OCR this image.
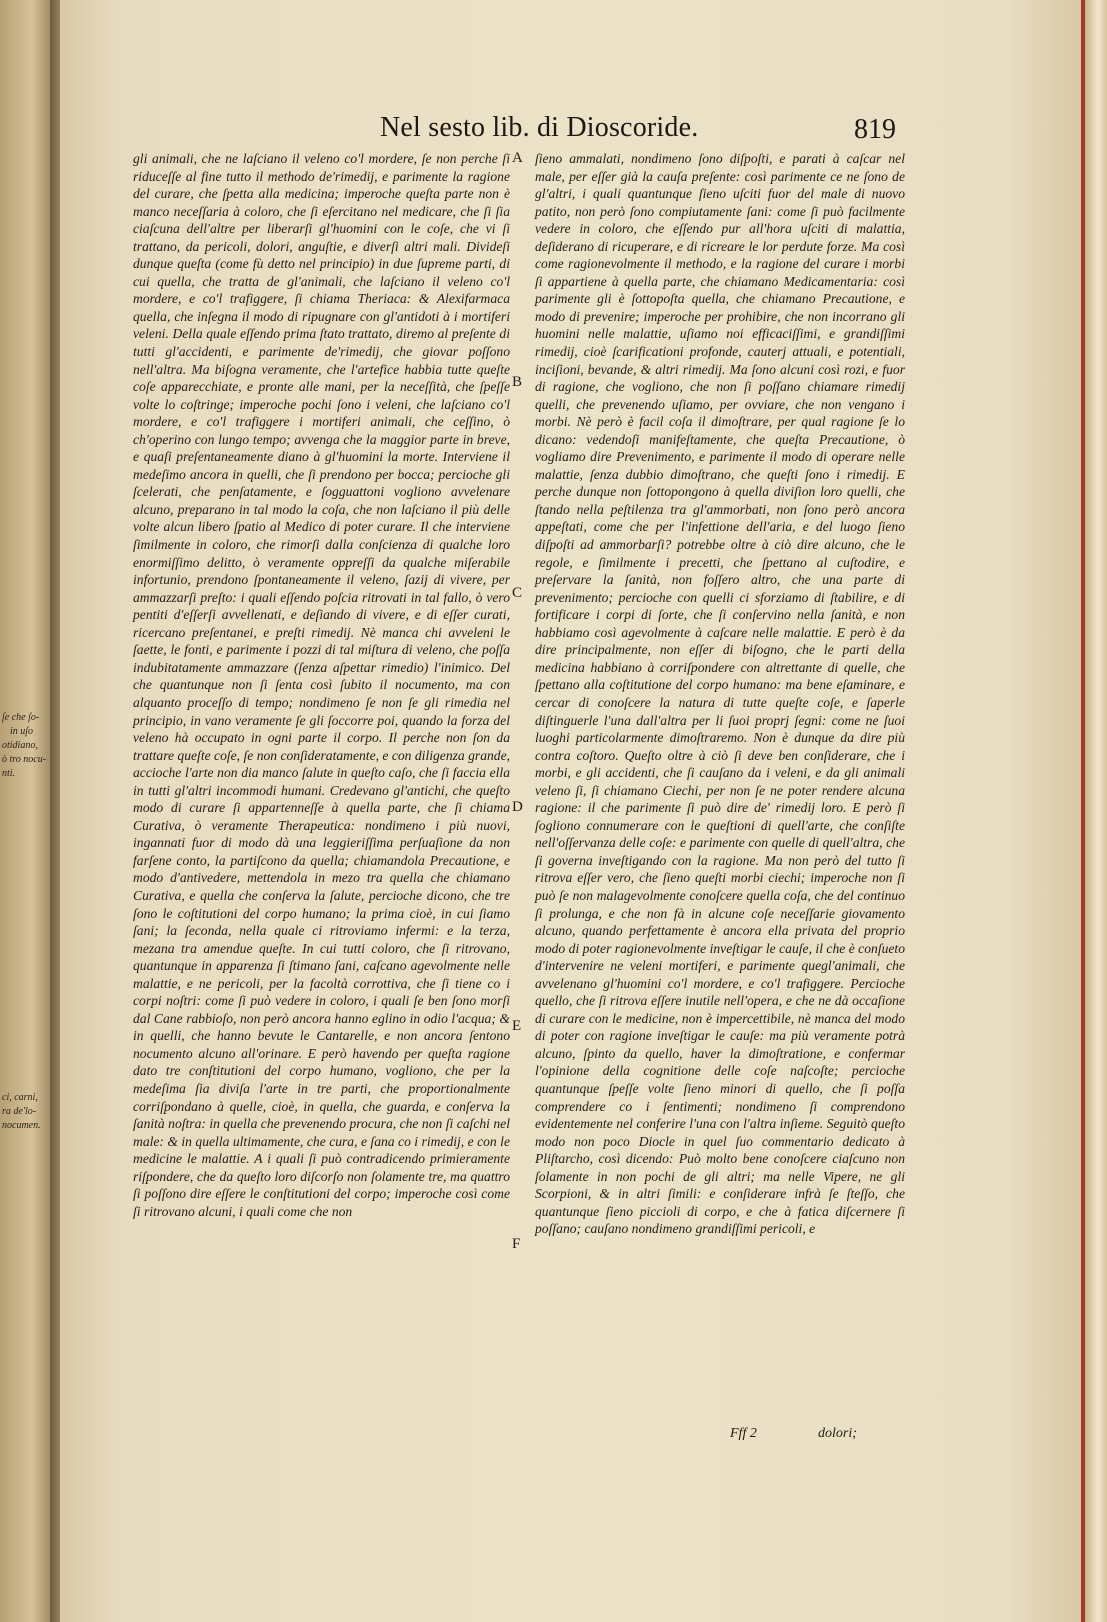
ſe che ſo-
in uſo
otidiano,
ò tro nocu-
nti.
ci, carni,
ra de'lo-
nocumen.
Nel sesto lib. di Dioscoride.	819

gli animali, che ne laſciano il veleno co'l mordere, ſe non perche ſi riduceſſe al fine tutto il methodo de'rimedij, e parimente la ragione del curare, che ſpetta alla medicina; imperoche queſta parte non è manco neceſſaria à coloro, che ſi eſercitano nel medicare, che ſi ſia ciaſcuna dell'altre per liberarſi gl'huomini con le coſe, che vi ſi trattano, da pericoli, dolori, anguſtie, e diverſi altri mali. Divideſi dunque queſta (come fù detto nel principio) in due ſupreme parti, di cui quella, che tratta de gl'animali, che laſciano il veleno co'l mordere, e co'l trafiggere, ſi chiama Theriaca: & Alexifarmaca quella, che inſegna il modo di ripugnare con gl'antidoti à i mortiferi veleni. Della quale eſſendo prima ſtato trattato, diremo al preſente di tutti gl'accidenti, e parimente de'rimedij, che giovar poſſono nell'altra. Ma biſogna veramente, che l'artefice habbia tutte queſte coſe apparecchiate, e pronte alle mani, per la neceſſità, che ſpeſſe volte lo coſtringe; imperoche pochi ſono i veleni, che laſciano co'l mordere, e co'l trafiggere i mortiferi animali, che ceſſino, ò ch'operino con lungo tempo; avvenga che la maggior parte in breve, e quaſi preſentaneamente diano à gl'huomini la morte. Interviene il medeſimo ancora in quelli, che ſi prendono per bocca; percioche gli ſcelerati, che penſatamente, e ſogguattoni vogliono avvelenare alcuno, preparano in tal modo la coſa, che non laſciano il più delle volte alcun libero ſpatio al Medico di poter curare. Il che interviene ſimilmente in coloro, che rimorſi dalla conſcienza di qualche loro enormiſſimo delitto, ò veramente oppreſſi da qualche miſerabile infortunio, prendono ſpontaneamente il veleno, ſazij di vivere, per ammazzarſi preſto: i quali eſſendo poſcia ritrovati in tal fallo, ò vero pentiti d'eſſerſi avvellenati, e deſiando di vivere, e di eſſer curati, ricercano preſentanei, e preſti rimedij. Nè manca chi avveleni le ſaette, le fonti, e parimente i pozzi di tal miſtura di veleno, che poſſa indubitatamente ammazzare (ſenza aſpettar rimedio) l'inimico. Del che quantunque non ſi ſenta così ſubito il nocumento, ma con alquanto proceſſo di tempo; nondimeno ſe non ſe gli rimedia nel principio, in vano veramente ſe gli ſoccorre poi, quando la forza del veleno hà occupato in ogni parte il corpo. Il perche non ſon da trattare queſte coſe, ſe non conſideratamente, e con diligenza grande, accioche l'arte non dia manco ſalute in queſto caſo, che ſi faccia ella in tutti gl'altri incommodi humani. Credevano gl'antichi, che queſto modo di curare ſi appartenneſſe à quella parte, che ſi chiama Curativa, ò veramente Therapeutica: nondimeno i più nuovi, ingannati fuor di modo dà una leggieriſſima perſuaſione da non farſene conto, la partiſcono da quella; chiamandola Precautione, e modo d'antivedere, mettendola in mezo tra quella che chiamano Curativa, e quella che conſerva la ſalute, percioche dicono, che tre ſono le coſtitutioni del corpo humano; la prima cioè, in cui ſiamo ſani; la ſeconda, nella quale ci ritroviamo infermi: e la terza, mezana tra amendue queſte. In cui tutti coloro, che ſi ritrovano, quantunque in apparenza ſi ſtimano ſani, caſcano agevolmente nelle malattie, e ne pericoli, per la facoltà corrottiva, che ſi tiene co i corpi noſtri: come ſi può vedere in coloro, i quali ſe ben ſono morſi dal Cane rabbioſo, non però ancora hanno eglino in odio l'acqua; & in quelli, che hanno bevute le Cantarelle, e non ancora ſentono nocumento alcuno all'orinare. E però havendo per queſta ragione dato tre conſtitutioni del corpo humano, vogliono, che per la medeſima ſia diviſa l'arte in tre parti, che proportionalmente corriſpondano à quelle, cioè, in quella, che guarda, e conſerva la ſanità noſtra: in quella che prevenendo procura, che non ſi caſchi nel male: & in quella ultimamente, che cura, e ſana co i rimedij, e con le medicine le malattie. A i quali ſi può contradicendo primieramente riſpondere, che da queſto loro diſcorſo non ſolamente tre, ma quattro ſi poſſono dire eſſere le conſtitutioni del corpo; imperoche così come ſi ritrovano alcuni, i quali come che non

A
B
C
D
E
F

ſieno ammalati, nondimeno ſono diſpoſti, e parati à caſcar nel male, per eſſer già la cauſa preſente: così parimente ce ne ſono de gl'altri, i quali quantunque ſieno uſciti fuor del male di nuovo patito, non però ſono compiutamente ſani: come ſi può facilmente vedere in coloro, che eſſendo pur all'hora uſciti di malattia, deſiderano di ricuperare, e di ricreare le lor perdute forze. Ma così come ragionevolmente il methodo, e la ragione del curare i morbi ſi appartiene à quella parte, che chiamano Medicamentaria: così parimente gli è ſottopoſta quella, che chiamano Precautione, e modo di prevenire; imperoche per prohibire, che non incorrano gli huomini nelle malattie, uſiamo noi efficaciſſimi, e grandiſſimi rimedij, cioè ſcarificationi profonde, cauterj attuali, e potentiali, inciſioni, bevande, & altri rimedij. Ma ſono alcuni così rozi, e fuor di ragione, che vogliono, che non ſi poſſano chiamare rimedij quelli, che prevenendo uſiamo, per ovviare, che non vengano i morbi. Nè però è facil coſa il dimoſtrare, per qual ragione ſe lo dicano: vedendoſi manifeſtamente, che queſta Precautione, ò vogliamo dire Prevenimento, e parimente il modo di operare nelle malattie, ſenza dubbio dimoſtrano, che queſti ſono i rimedij. E perche dunque non ſottopongono à quella diviſion loro quelli, che ſtando nella peſtilenza tra gl'ammorbati, non ſono però ancora appeſtati, come che per l'infettione dell'aria, e del luogo ſieno diſpoſti ad ammorbarſi? potrebbe oltre à ciò dire alcuno, che le regole, e ſimilmente i precetti, che ſpettano al cuſtodire, e preſervare la ſanità, non foſſero altro, che una parte di prevenimento; percioche con quelli ci sforziamo di ſtabilire, e di fortificare i corpi di ſorte, che ſi conſervino nella ſanità, e non habbiamo così agevolmente à caſcare nelle malattie. E però è da dire principalmente, non eſſer di biſogno, che le parti della medicina habbiano à corriſpondere con altrettante di quelle, che ſpettano alla coſtitutione del corpo humano: ma bene eſaminare, e cercar di conoſcere la natura di tutte queſte coſe, e ſaperle diſtinguerle l'una dall'altra per li ſuoi proprj ſegni: come ne ſuoi luoghi particolarmente dimoſtraremo. Non è dunque da dire più contra coſtoro. Queſto oltre à ciò ſi deve ben conſiderare, che i morbi, e gli accidenti, che ſi cauſano da i veleni, e da gli animali veleno ſi, ſi chiamano Ciechi, per non ſe ne poter rendere alcuna ragione: il che parimente ſi può dire de' rimedij loro. E però ſi ſogliono connumerare con le queſtioni di quell'arte, che conſiſte nell'oſſervanza delle coſe: e parimente con quelle di quell'altra, che ſi governa inveſtigando con la ragione. Ma non però del tutto ſi ritrova eſſer vero, che ſieno queſti morbi ciechi; imperoche non ſi può ſe non malagevolmente conoſcere quella coſa, che del continuo ſi prolunga, e che non fà in alcune coſe neceſſarie giovamento alcuno, quando perfettamente è ancora ella privata del proprio modo di poter ragionevolmente inveſtigar le cauſe, il che è conſueto d'intervenire ne veleni mortiferi, e parimente quegl'animali, che avvelenano gl'huomini co'l mordere, e co'l trafiggere. Percioche quello, che ſi ritrova eſſere inutile nell'opera, e che ne dà occaſione di curare con le medicine, non è impercettibile, nè manca del modo di poter con ragione inveſtigar le cauſe: ma più veramente potrà alcuno, ſpinto da quello, haver la dimoſtratione, e confermar l'opinione della cognitione delle coſe naſcoſte; percioche quantunque ſpeſſe volte ſieno minori di quello, che ſi poſſa comprendere co i ſentimenti; nondimeno ſi comprendono evidentemente nel conferire l'una con l'altra inſieme. Seguitò queſto modo non poco Diocle in quel ſuo commentario dedicato à Pliſtarcho, così dicendo: Può molto bene conoſcere ciaſcuno non ſolamente in non pochi de gli altri; ma nelle Vipere, ne gli Scorpioni, & in altri ſimili: e conſiderare infrà ſe ſteſſo, che quantunque ſieno piccioli di corpo, e che à fatica diſcernere ſi poſſano; cauſano nondimeno grandiſſimi pericoli, e

Fff 2	dolori;
